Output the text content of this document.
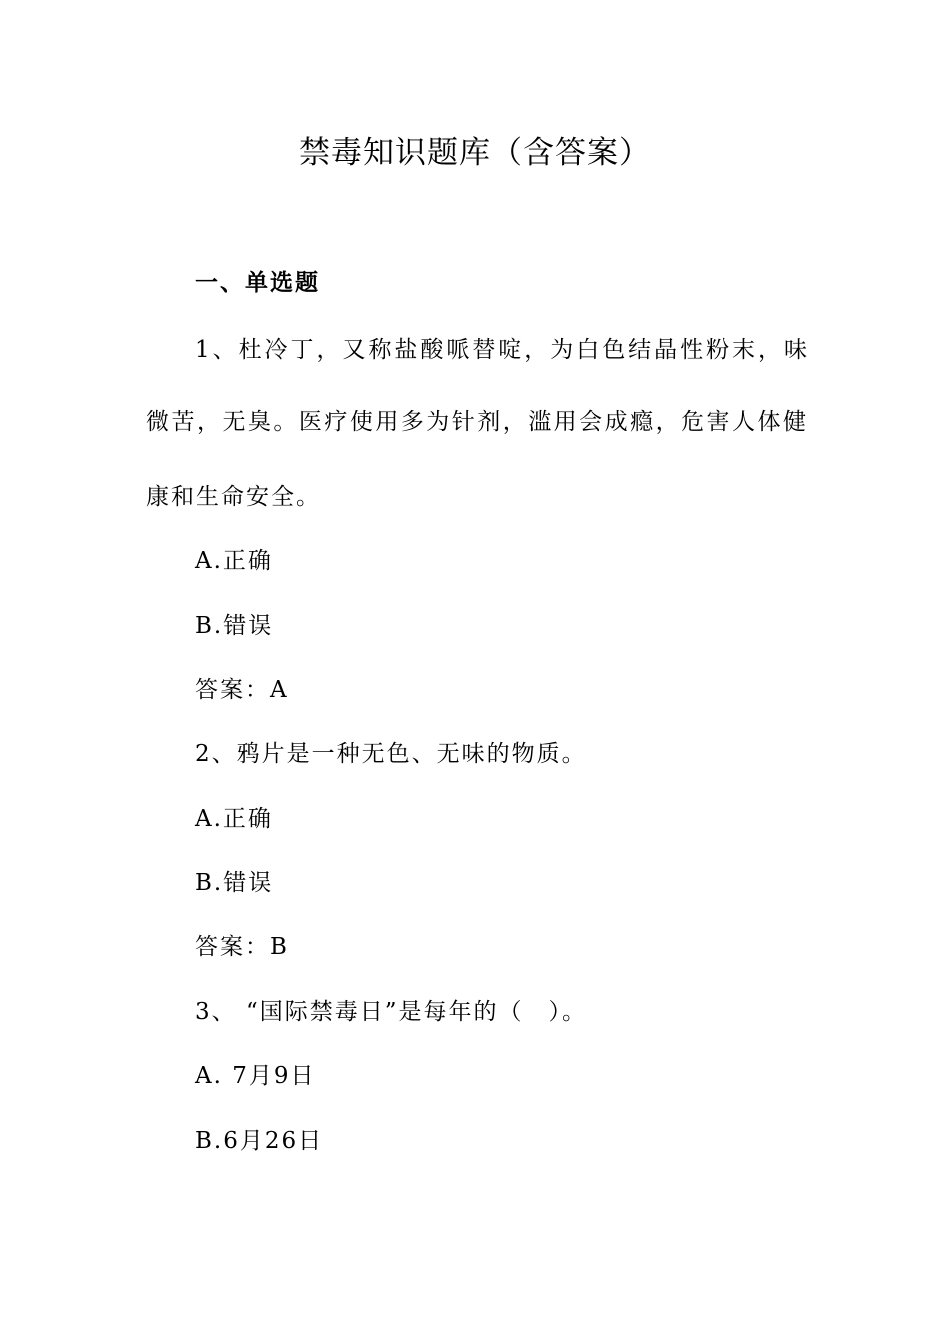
禁毒知识题库（含答案）

一、单选题

1、杜冷丁，又称盐酸哌替啶，为白色结晶性粉末，味

微苦，无臭。医疗使用多为针剂，滥用会成瘾，危害人体健

康和生命安全。

A.正确

B.错误

答案：A

2、鸦片是一种无色、无味的物质。

A.正确

B.错误

答案：B

3、 “国际禁毒日”是每年的（　）。

A. 7月9日

B.6月26日
